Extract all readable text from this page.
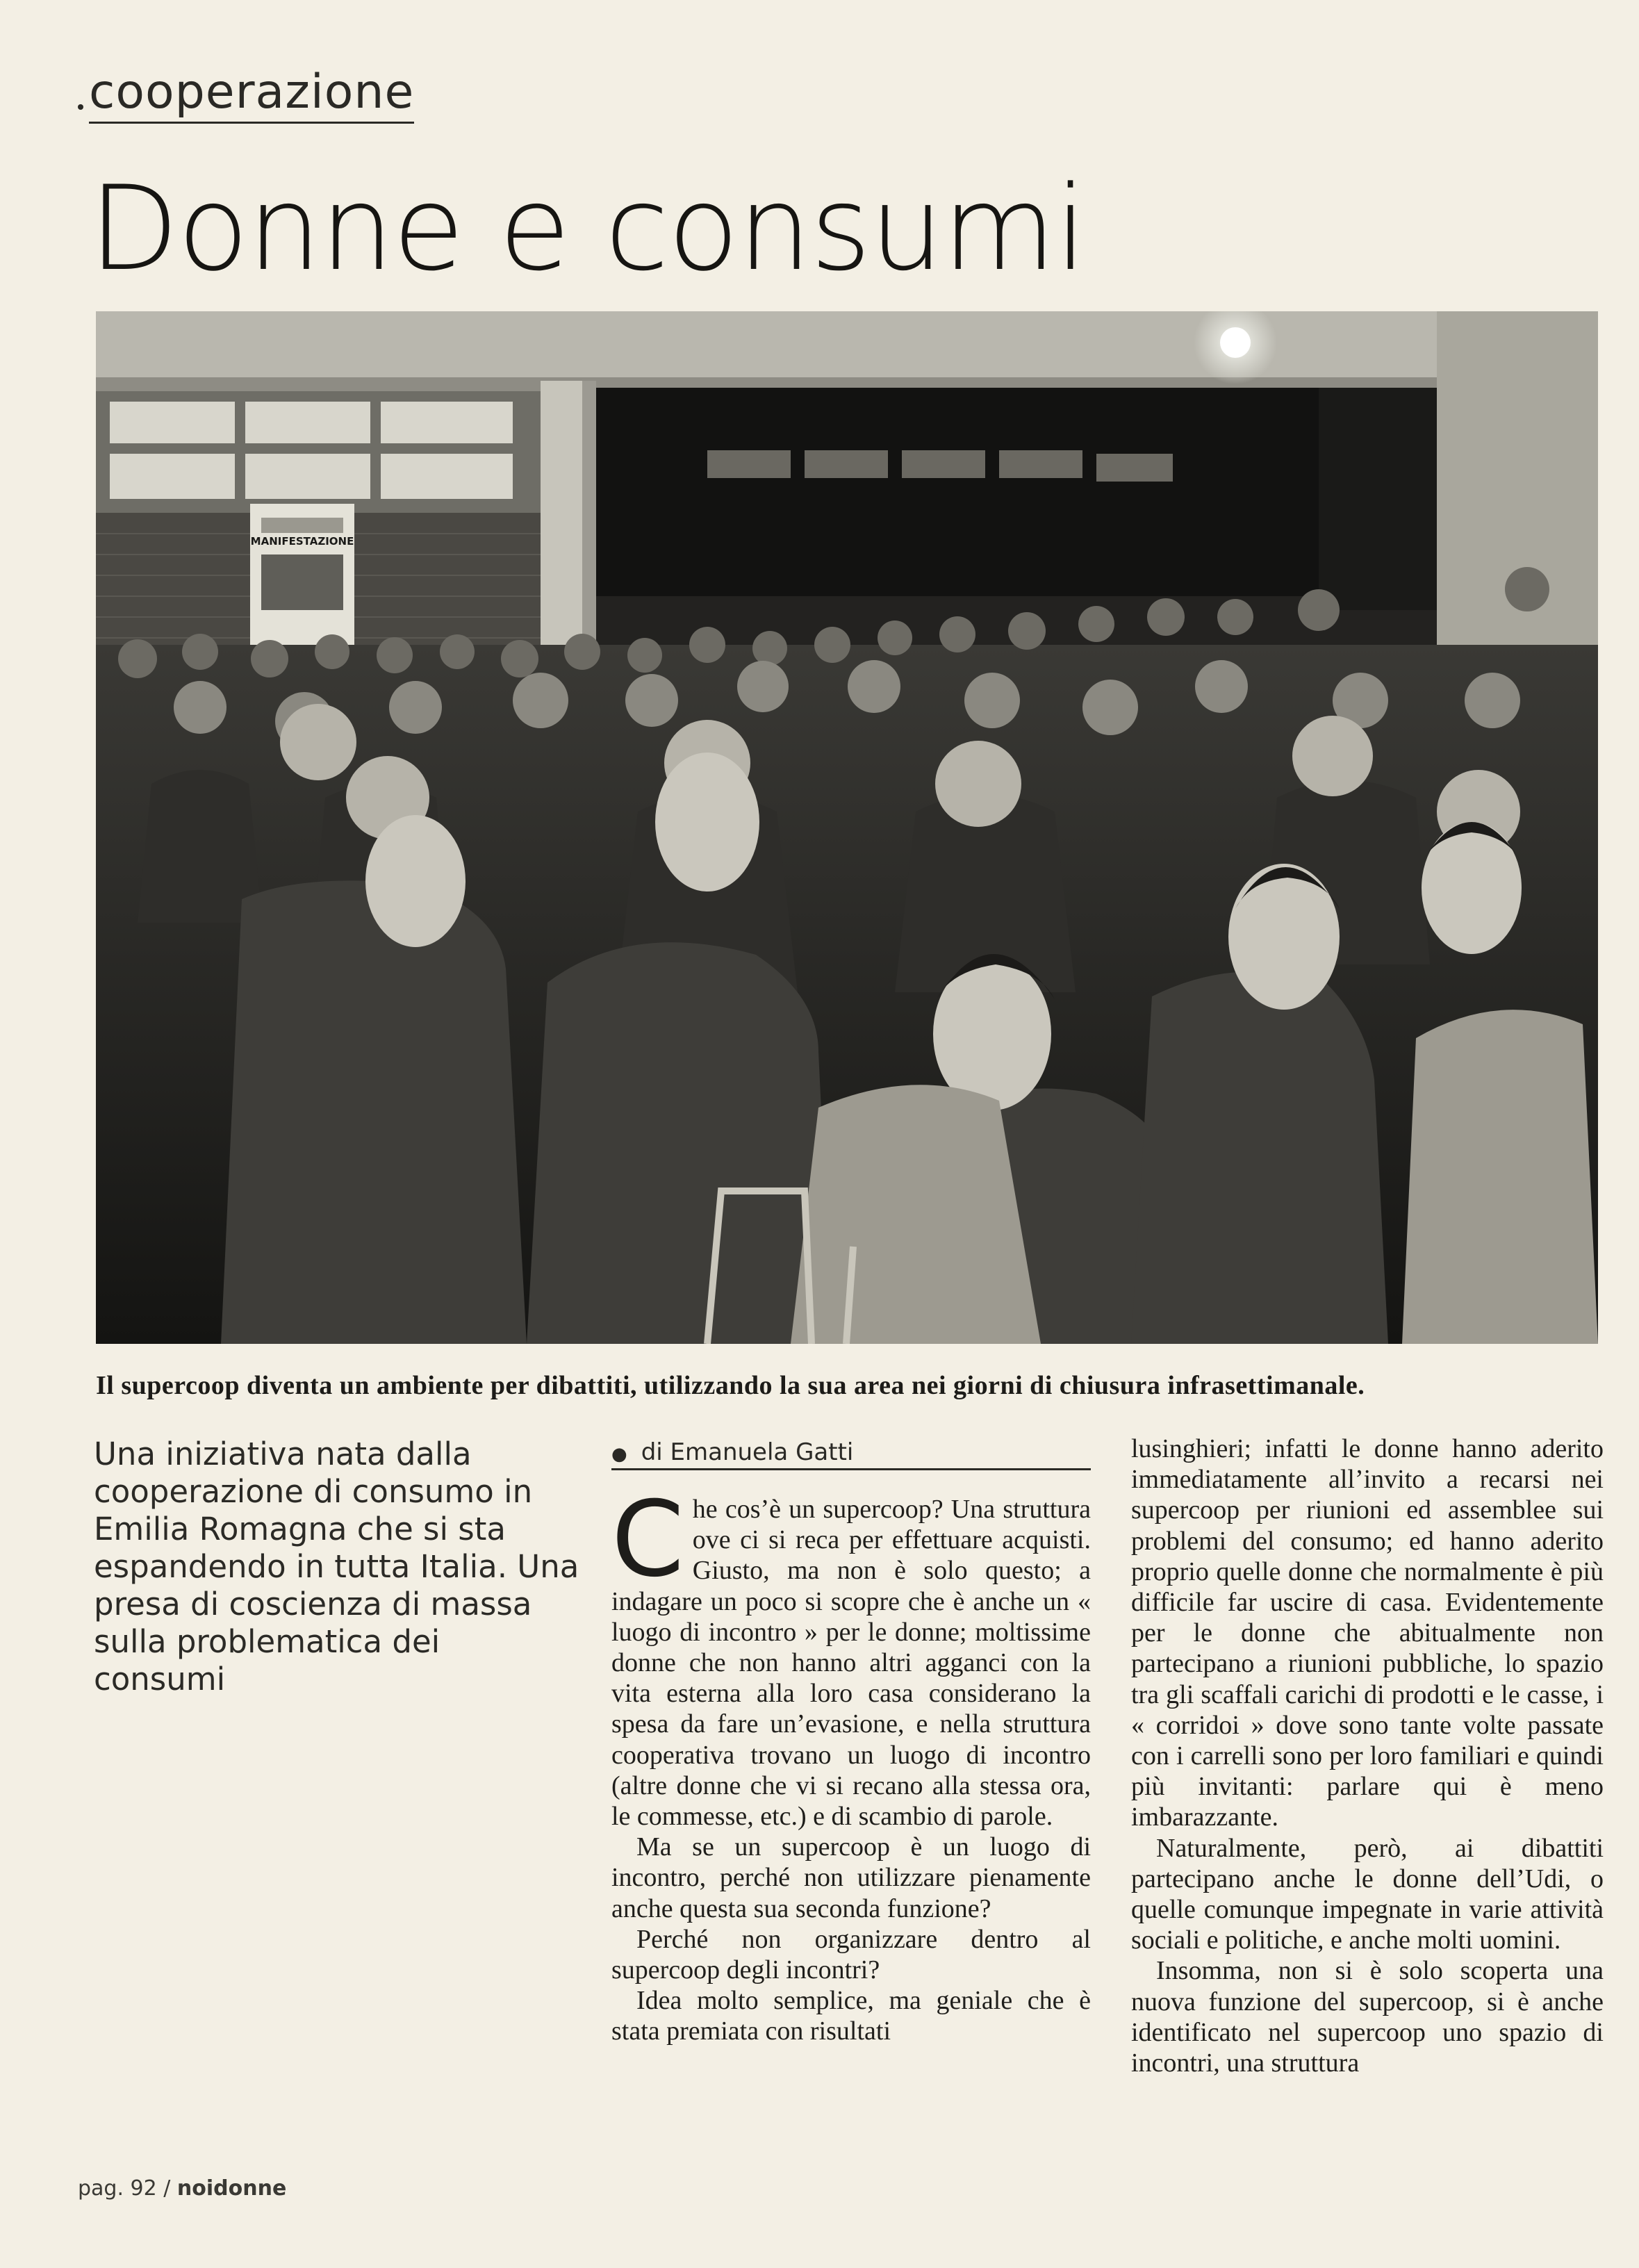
cooperazione
Donne e consumi
MANIFESTAZIONE
Il supercoop diventa un ambiente per dibattiti, utilizzando la sua area nei giorni di chiusura infrasettimanale.
Una iniziativa nata dalla cooperazione di consumo in Emilia Romagna che si sta espandendo in tutta Italia. Una presa di coscienza di massa sulla problematica dei consumi
● di Emanuela Gatti
C he cos’è un supercoop? Una struttura ove ci si reca per effettuare acquisti. Giusto, ma non è solo questo; a indagare un poco si scopre che è anche un « luogo di incontro » per le donne; moltissime donne che non hanno altri agganci con la vita esterna alla loro casa considerano la spesa da fare un’evasione, e nella struttura cooperativa trovano un luogo di incontro (altre donne che vi si recano alla stessa ora, le commesse, etc.) e di scambio di parole.

Ma se un supercoop è un luogo di incontro, perché non utilizzare pienamente anche questa sua seconda funzione?

Perché non organizzare dentro al supercoop degli incontri?

Idea molto semplice, ma geniale che è stata premiata con risultati

lusinghieri; infatti le donne hanno aderito immediatamente all’invito a recarsi nei supercoop per riunioni ed assemblee sui problemi del consumo; ed hanno aderito proprio quelle donne che normalmente è più difficile far uscire di casa. Evidentemente per le donne che abitualmente non partecipano a riunioni pubbliche, lo spazio tra gli scaffali carichi di prodotti e le casse, i « corridoi » dove sono tante volte passate con i carrelli sono per loro familiari e quindi più invitanti: parlare qui è meno imbarazzante.

Naturalmente, però, ai dibattiti partecipano anche le donne dell’Udi, o quelle comunque impegnate in varie attività sociali e politiche, e anche molti uomini.

Insomma, non si è solo scoperta una nuova funzione del supercoop, si è anche identificato nel supercoop uno spazio di incontri, una struttura

pag. 92 / noidonne
